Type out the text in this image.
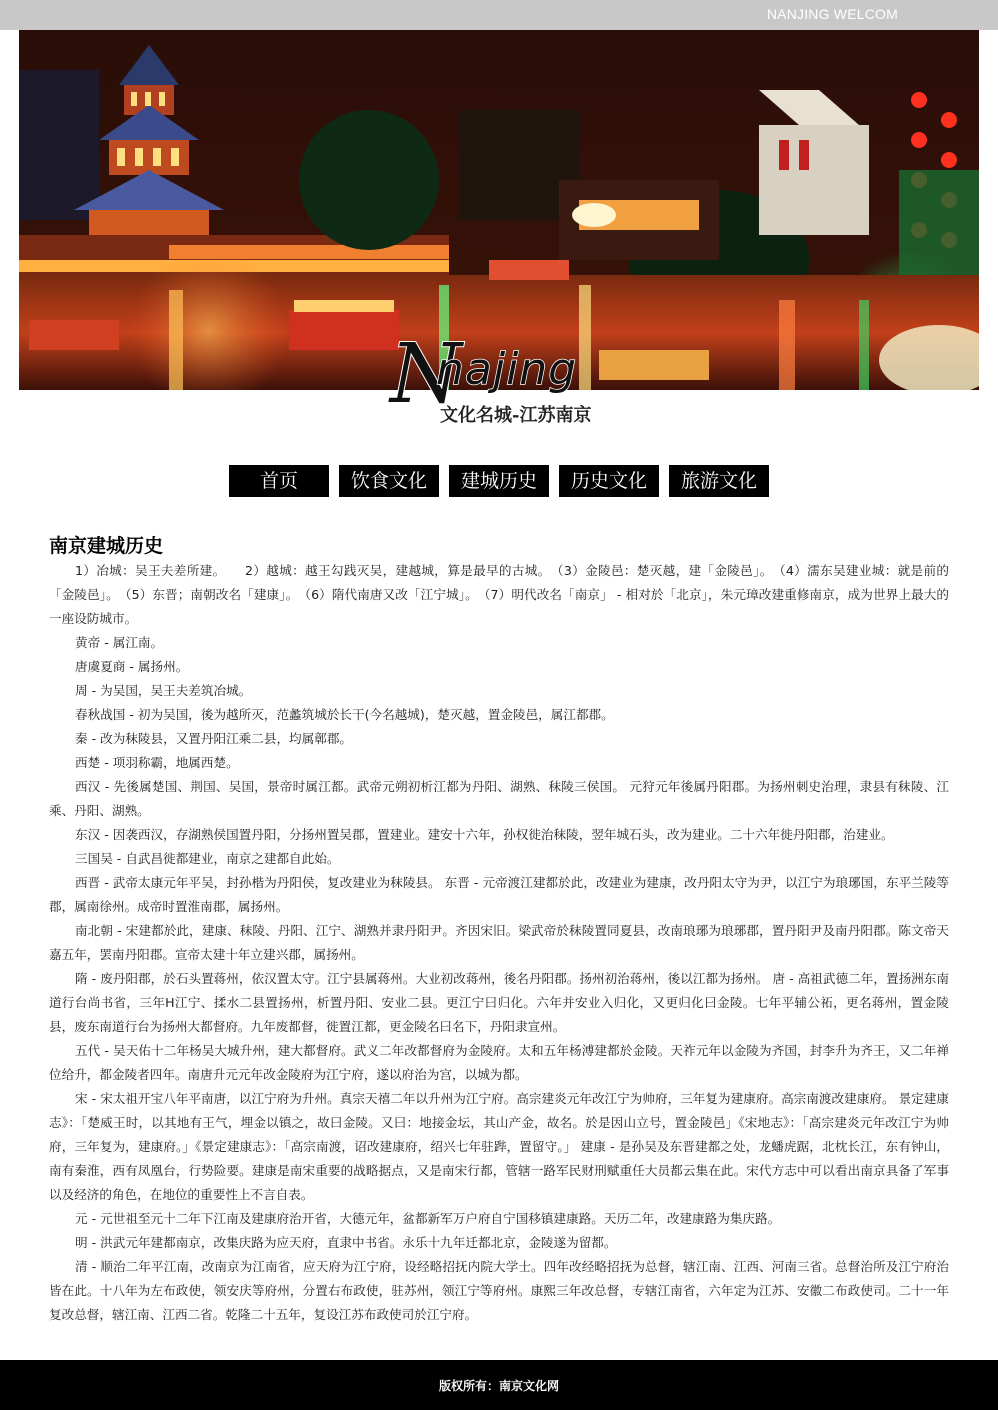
NANJING WELCOM
N
najing
文化名城-江苏南京
首页	饮食文化	建城历史	历史文化	旅游文化
南京建城历史

1）冶城：吴王夫差所建。　　2）越城：越王勾践灭吴，建越城，算是最早的古城。　（3）金陵邑：楚灭越，建「金陵邑」。　（4）濡东吴建业城：就是前的「金陵邑」。　（5）东晋；南朝改名「建康」。　（6）隋代南唐又改「江宁城」。　（7）明代改名「南京」 - 相对於「北京」，朱元璋改建重修南京，成为世界上最大的一座设防城市。

黄帝 - 属江南。

唐虞夏商 - 属扬州。

周 - 为吴国，吴王夫差筑冶城。

春秋战国 - 初为吴国，後为越所灭，范蠡筑城於长干(今名越城)，楚灭越，置金陵邑，属江都郡。

秦 - 改为秣陵县，又置丹阳江乘二县，均属鄣郡。

西楚 - 项羽称霸，地属西楚。

西汉 - 先後属楚国、荆国、吴国，景帝时属江都。武帝元朔初析江都为丹阳、湖熟、秣陵三侯国。 元狩元年後属丹阳郡。为扬州刺史治理，隶县有秣陵、江乘、丹阳、湖熟。

东汉 - 因袭西汉，存湖熟侯国置丹阳，分扬州置吴郡，置建业。建安十六年，孙权徙治秣陵，翌年城石头，改为建业。二十六年徙丹阳郡，治建业。

三国吴 - 自武昌徙都建业，南京之建都自此始。

西晋 - 武帝太康元年平吴，封孙楷为丹阳侯，复改建业为秣陵县。 东晋 - 元帝渡江建都於此，改建业为建康，改丹阳太守为尹，以江宁为琅琊国，东平兰陵等郡，属南徐州。成帝时置淮南郡，属扬州。

南北朝 - 宋建都於此，建康、秣陵、丹阳、江宁、湖熟并隶丹阳尹。齐因宋旧。梁武帝於秣陵置同夏县，改南琅琊为琅琊郡，置丹阳尹及南丹阳郡。陈文帝天嘉五年，罢南丹阳郡。宣帝太建十年立建兴郡，属扬州。

隋 - 废丹阳郡，於石头置蒋州，依汉置太守。江宁县属蒋州。大业初改蒋州，後名丹阳郡。扬州初治蒋州，後以江都为扬州。 唐 - 高祖武德二年，置扬洲东南道行台尚书省，三年H江宁、揉水二县置扬州，析置丹阳、安业二县。更江宁曰归化。六年并安业入归化，又更归化曰金陵。七年平辅公祏，更名蒋州，置金陵县，废东南道行台为扬州大都督府。九年废都督，徙置江都，更金陵名曰名下，丹阳隶宣州。

五代 - 吴天佑十二年杨吴大城升州，建大都督府。武义二年改都督府为金陵府。太和五年杨溥建都於金陵。天祚元年以金陵为齐国，封李升为齐王，又二年禅位给升，都金陵者四年。南唐升元元年改金陵府为江宁府，遂以府治为宫，以城为都。

宋 - 宋太祖开宝八年平南唐，以江宁府为升州。真宗天禧二年以升州为江宁府。高宗建炎元年改江宁为帅府，三年复为建康府。高宗南渡改建康府。 景定建康志》：「楚威王时，以其地有王气，埋金以镇之，故曰金陵。又曰：地接金坛，其山产金，故名。於是因山立号，置金陵邑」《宋地志》：「高宗建炎元年改江宁为帅府，三年复为，建康府。」《景定建康志》：「高宗南渡，诏改建康府，绍兴七年驻跸，置留守。」 建康 - 是孙吴及东晋建都之处，龙蟠虎踞，北枕长江，东有钟山，南有秦淮，西有凤凰台，行势险要。建康是南宋重要的战略据点，又是南宋行都，管辖一路军民财刑赋重任大员都云集在此。宋代方志中可以看出南京具备了军事以及经济的角色，在地位的重要性上不言自表。

元 - 元世祖至元十二年下江南及建康府治开省，大德元年，盆都新军万户府自宁国移镇建康路。天历二年，改建康路为集庆路。

明 - 洪武元年建都南京，改集庆路为应天府，直隶中书省。永乐十九年迁都北京，金陵遂为留都。

清 - 顺治二年平江南，改南京为江南省，应天府为江宁府，设经略招抚内院大学士。四年改经略招抚为总督，辖江南、江西、河南三省。总督治所及江宁府治皆在此。十八年为左布政使，领安庆等府州，分置右布政使，驻苏州，领江宁等府州。康熙三年改总督，专辖江南省，六年定为江苏、安徽二布政使司。二十一年复改总督，辖江南、江西二省。乾隆二十五年，复设江苏布政使司於江宁府。

版权所有：南京文化网
